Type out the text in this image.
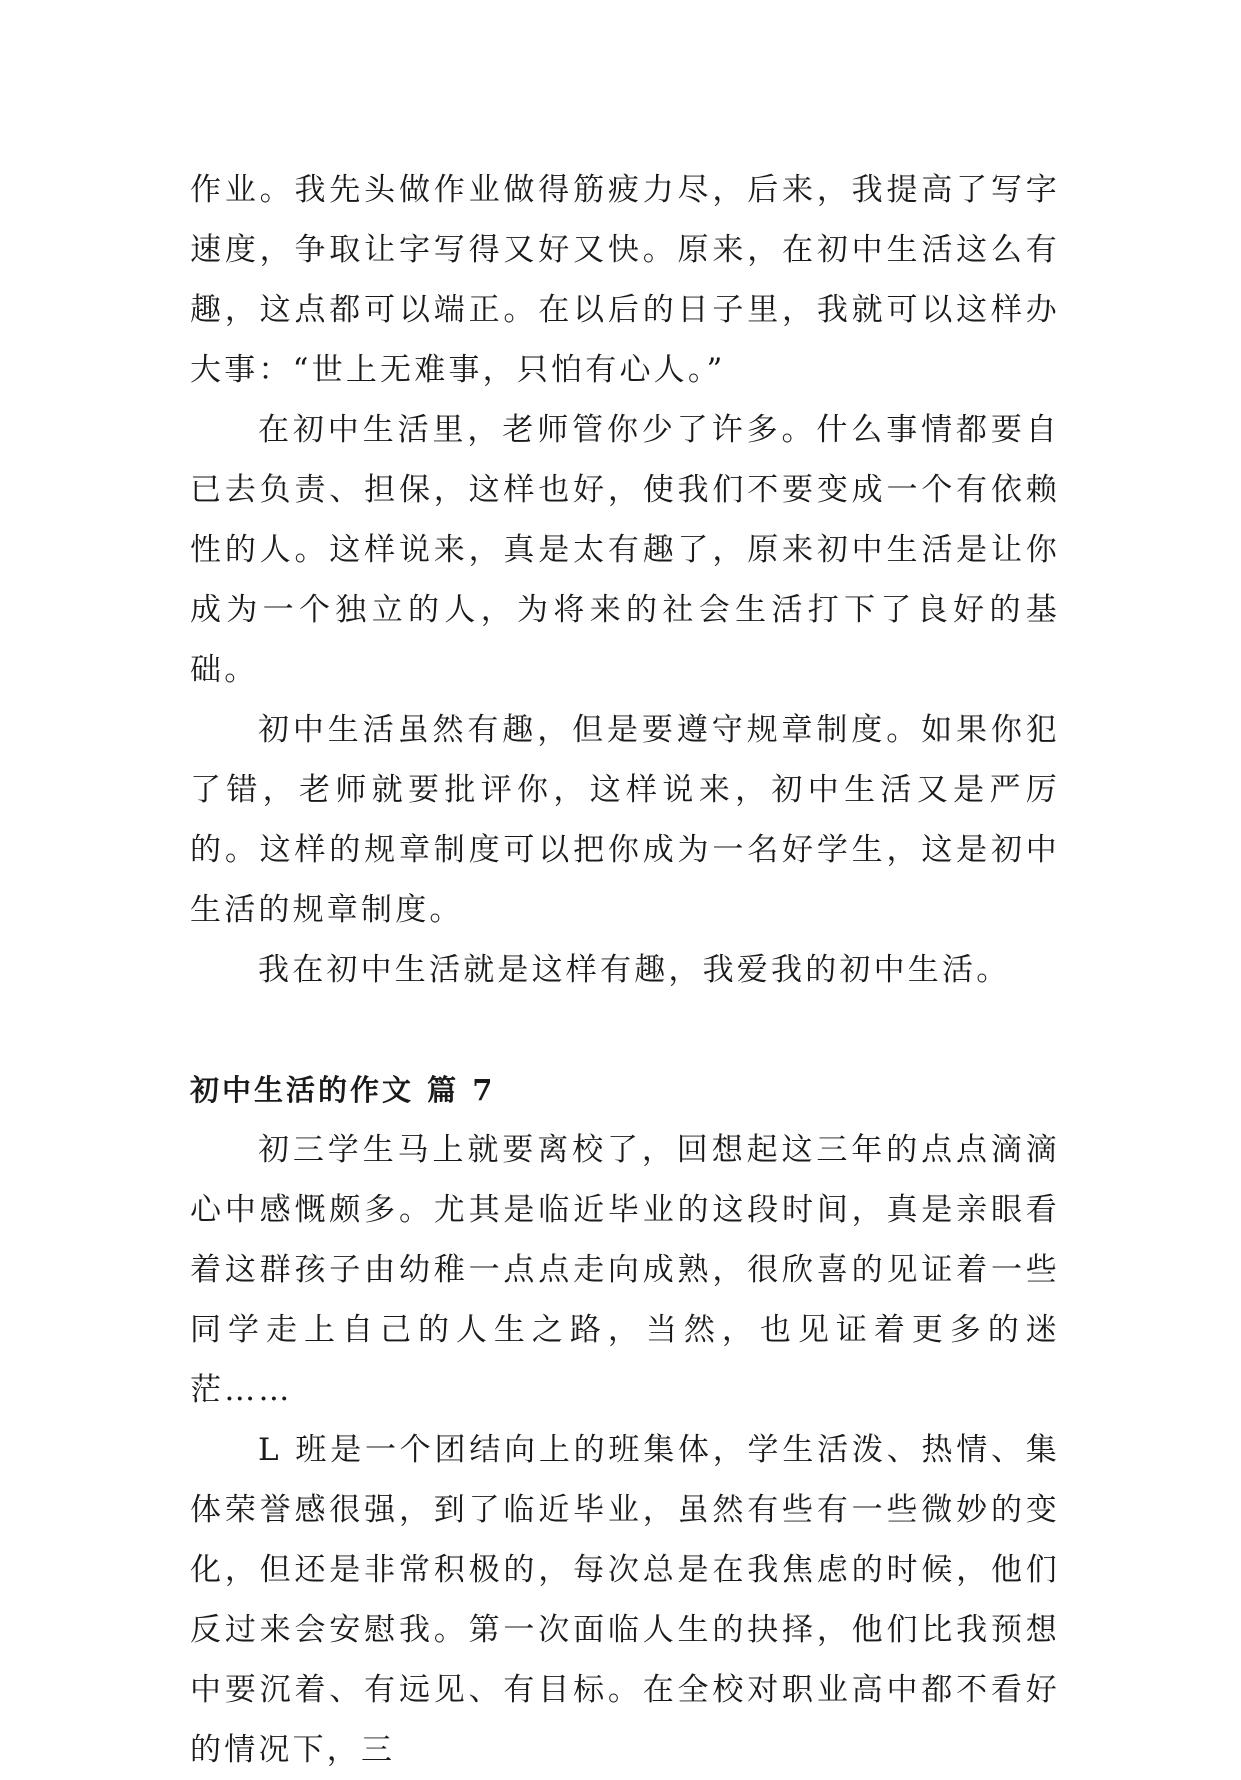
作业。我先头做作业做得筋疲力尽，后来，我提高了写字速度，争取让字写得又好又快。原来，在初中生活这么有趣，这点都可以端正。在以后的日子里，我就可以这样办大事：“世上无难事，只怕有心人。”

在初中生活里，老师管你少了许多。什么事情都要自已去负责、担保，这样也好，使我们不要变成一个有依赖性的人。这样说来，真是太有趣了，原来初中生活是让你成为一个独立的人，为将来的社会生活打下了良好的基础。

初中生活虽然有趣，但是要遵守规章制度。如果你犯了错，老师就要批评你，这样说来，初中生活又是严厉的。这样的规章制度可以把你成为一名好学生，这是初中生活的规章制度。

我在初中生活就是这样有趣，我爱我的初中生活。

初中生活的作文 篇 7

初三学生马上就要离校了，回想起这三年的点点滴滴心中感慨颇多。尤其是临近毕业的这段时间，真是亲眼看着这群孩子由幼稚一点点走向成熟，很欣喜的见证着一些同学走上自己的人生之路，当然，也见证着更多的迷茫……

L 班是一个团结向上的班集体，学生活泼、热情、集体荣誉感很强，到了临近毕业，虽然有些有一些微妙的变化，但还是非常积极的，每次总是在我焦虑的时候，他们反过来会安慰我。第一次面临人生的抉择，他们比我预想中要沉着、有远见、有目标。在全校对职业高中都不看好的情况下，三
